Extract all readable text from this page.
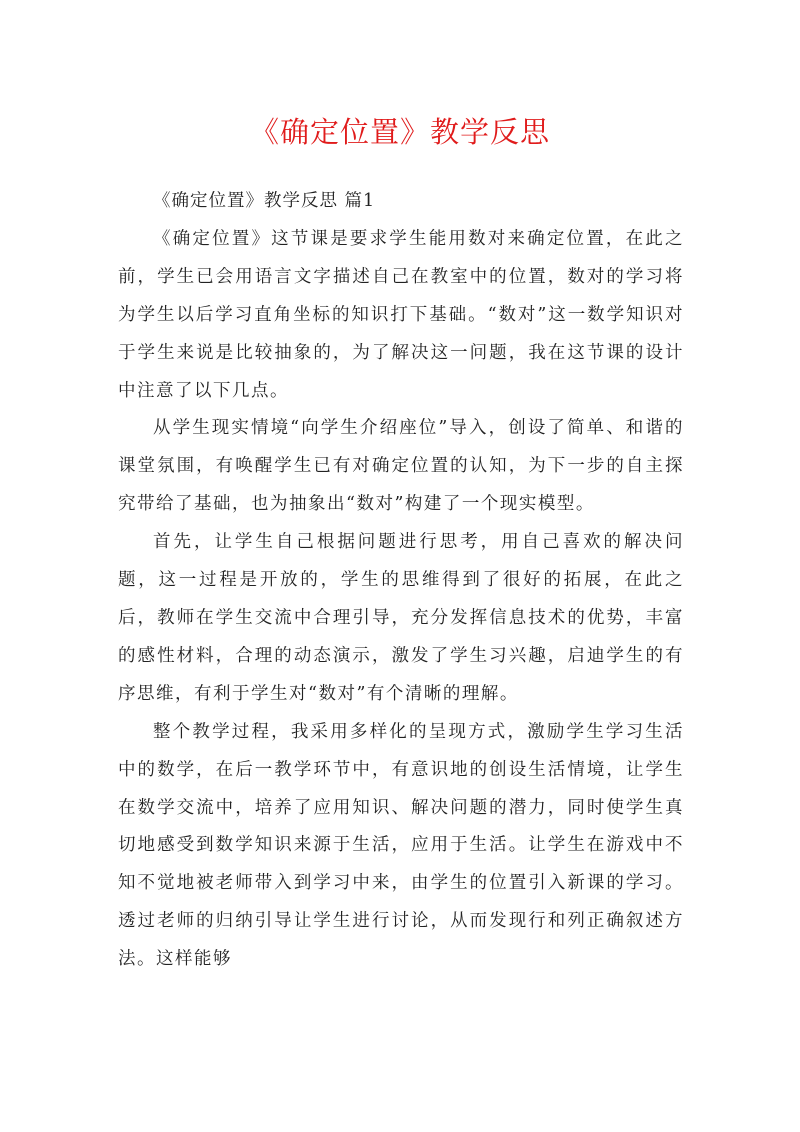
《确定位置》教学反思

《确定位置》教学反思 篇1

《确定位置》这节课是要求学生能用数对来确定位置，在此之前，学生已会用语言文字描述自己在教室中的位置，数对的学习将为学生以后学习直角坐标的知识打下基础。“数对”这一数学知识对于学生来说是比较抽象的，为了解决这一问题，我在这节课的设计中注意了以下几点。

从学生现实情境“向学生介绍座位”导入，创设了简单、和谐的课堂氛围，有唤醒学生已有对确定位置的认知，为下一步的自主探究带给了基础，也为抽象出“数对”构建了一个现实模型。

首先，让学生自己根据问题进行思考，用自己喜欢的解决问题，这一过程是开放的，学生的思维得到了很好的拓展，在此之后，教师在学生交流中合理引导，充分发挥信息技术的优势，丰富的感性材料，合理的动态演示，激发了学生习兴趣，启迪学生的有序思维，有利于学生对“数对”有个清晰的理解。

整个教学过程，我采用多样化的呈现方式，激励学生学习生活中的数学，在后一教学环节中，有意识地的创设生活情境，让学生在数学交流中，培养了应用知识、解决问题的潜力，同时使学生真切地感受到数学知识来源于生活，应用于生活。让学生在游戏中不知不觉地被老师带入到学习中来，由学生的位置引入新课的学习。透过老师的归纳引导让学生进行讨论，从而发现行和列正确叙述方法。这样能够
